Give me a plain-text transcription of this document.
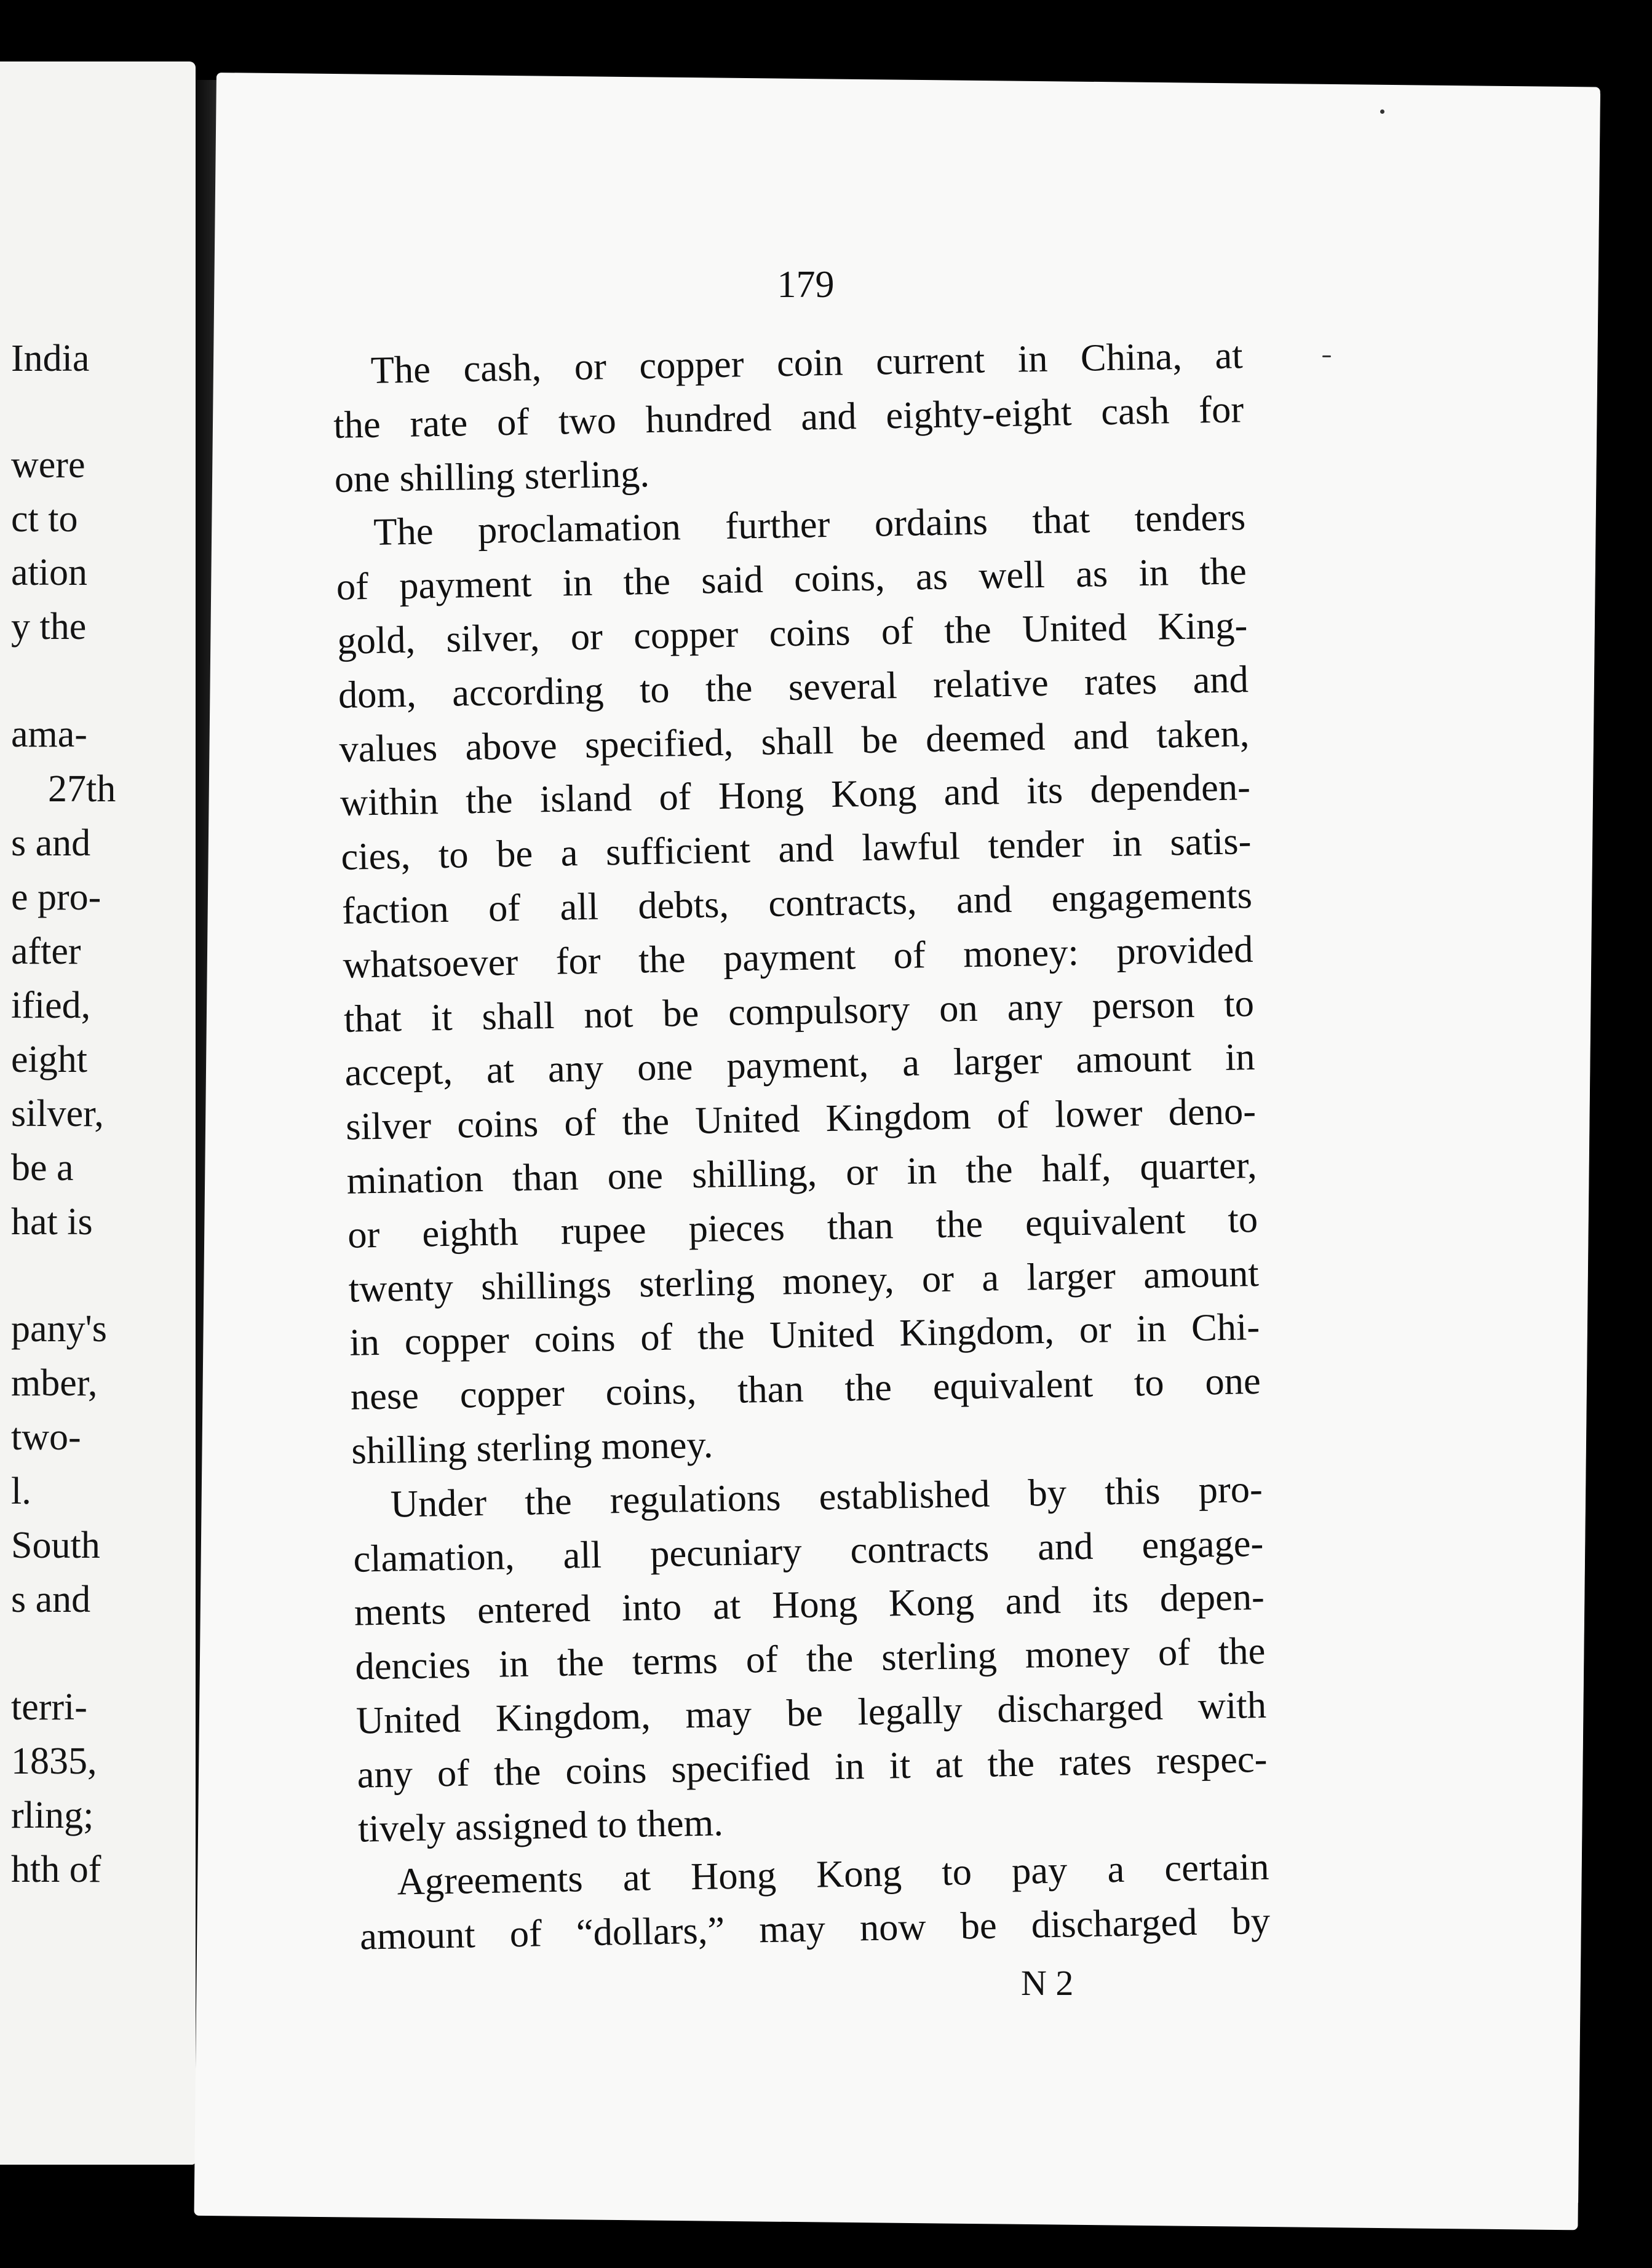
India
were
ct to
ation
y the
ama-
27th
s and
e pro-
after
ified,
eight
silver,
be a
hat is
pany's
mber,
two-
l.
South
s and
terri-
1835,
rling;
hth of
179
The cash, or copper coin current in China, at
the rate of two hundred and eighty-eight cash for
one shilling sterling.
The proclamation further ordains that tenders
of payment in the said coins, as well as in the
gold, silver, or copper coins of the United King-
dom, according to the several relative rates and
values above specified, shall be deemed and taken,
within the island of Hong Kong and its dependen-
cies, to be a sufficient and lawful tender in satis-
faction of all debts, contracts, and engagements
whatsoever for the payment of money: provided
that it shall not be compulsory on any person to
accept, at any one payment, a larger amount in
silver coins of the United Kingdom of lower deno-
mination than one shilling, or in the half, quarter,
or eighth rupee pieces than the equivalent to
twenty shillings sterling money, or a larger amount
in copper coins of the United Kingdom, or in Chi-
nese copper coins, than the equivalent to one
shilling sterling money.
Under the regulations established by this pro-
clamation, all pecuniary contracts and engage-
ments entered into at Hong Kong and its depen-
dencies in the terms of the sterling money of the
United Kingdom, may be legally discharged with
any of the coins specified in it at the rates respec-
tively assigned to them.
Agreements at Hong Kong to pay a certain
amount of “dollars,” may now be discharged by
N 2
